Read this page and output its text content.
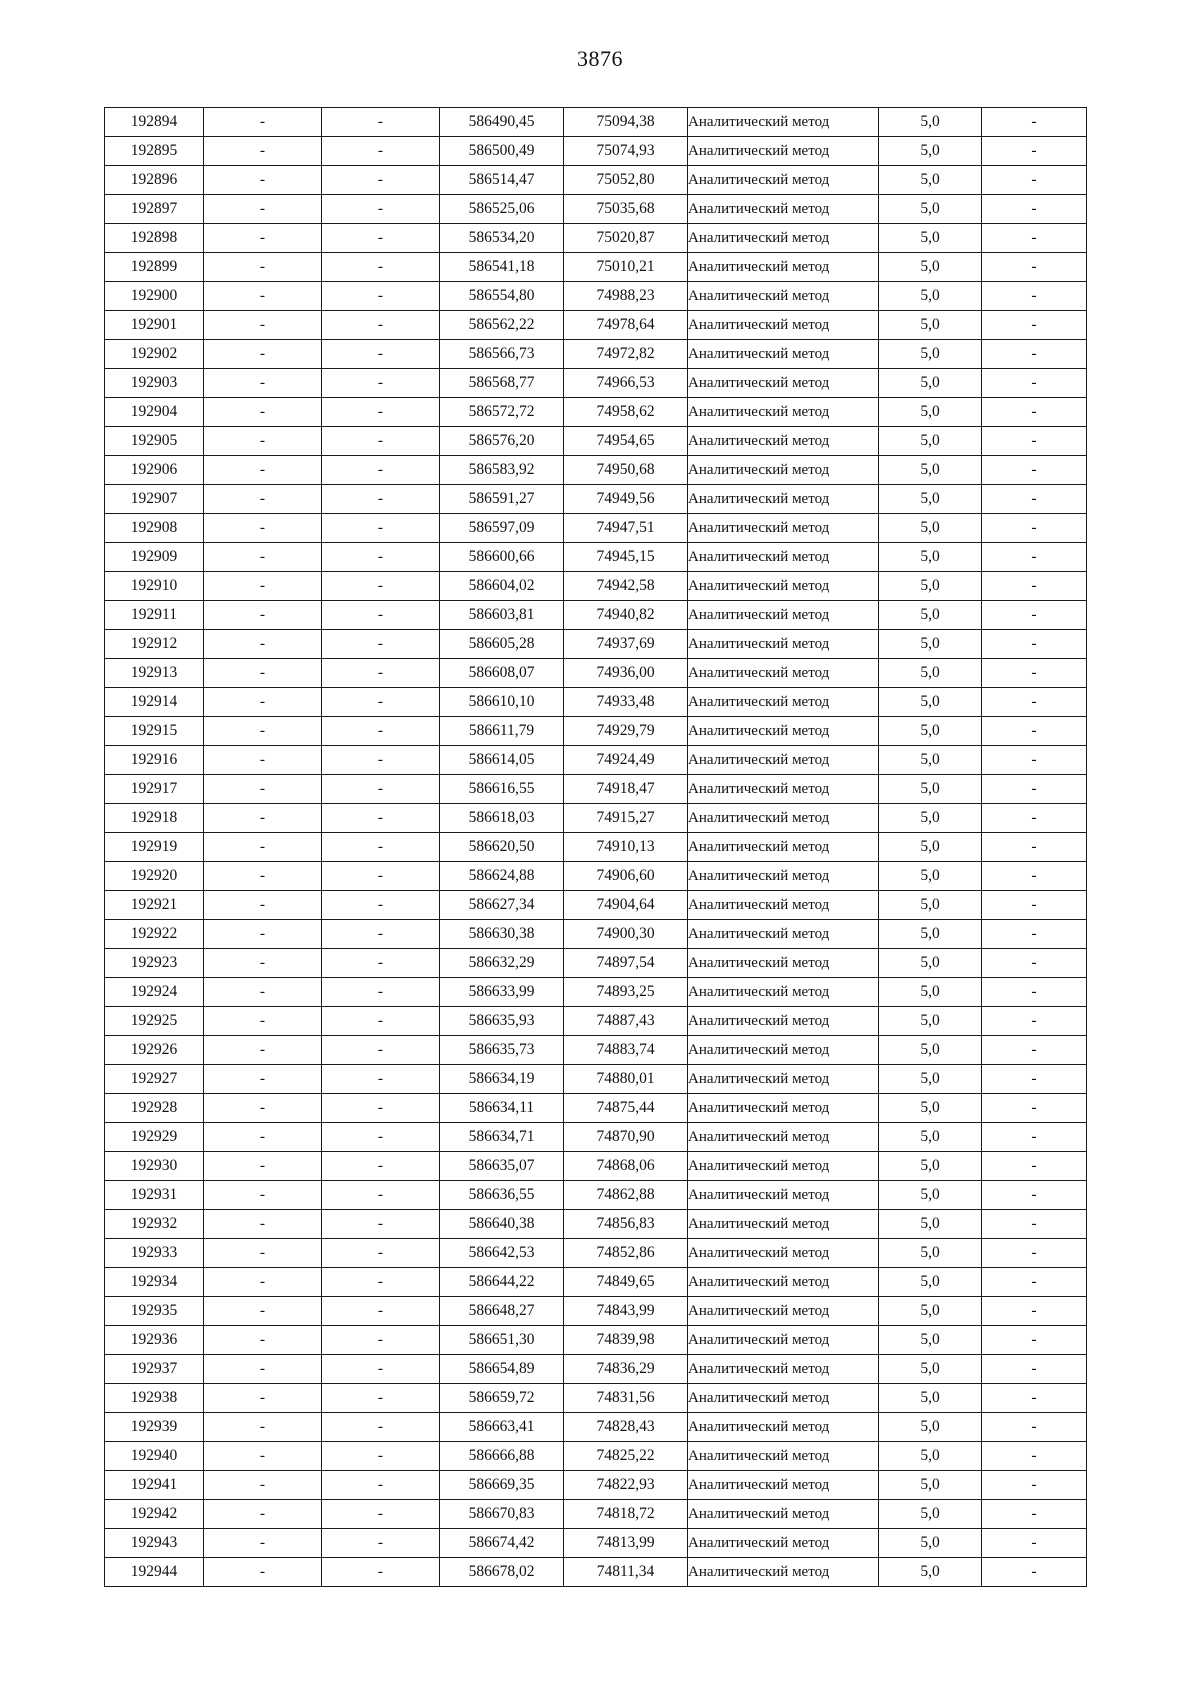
3876
192894	-	-	586490,45	75094,38	Аналитический метод	5,0	-
192895	-	-	586500,49	75074,93	Аналитический метод	5,0	-
192896	-	-	586514,47	75052,80	Аналитический метод	5,0	-
192897	-	-	586525,06	75035,68	Аналитический метод	5,0	-
192898	-	-	586534,20	75020,87	Аналитический метод	5,0	-
192899	-	-	586541,18	75010,21	Аналитический метод	5,0	-
192900	-	-	586554,80	74988,23	Аналитический метод	5,0	-
192901	-	-	586562,22	74978,64	Аналитический метод	5,0	-
192902	-	-	586566,73	74972,82	Аналитический метод	5,0	-
192903	-	-	586568,77	74966,53	Аналитический метод	5,0	-
192904	-	-	586572,72	74958,62	Аналитический метод	5,0	-
192905	-	-	586576,20	74954,65	Аналитический метод	5,0	-
192906	-	-	586583,92	74950,68	Аналитический метод	5,0	-
192907	-	-	586591,27	74949,56	Аналитический метод	5,0	-
192908	-	-	586597,09	74947,51	Аналитический метод	5,0	-
192909	-	-	586600,66	74945,15	Аналитический метод	5,0	-
192910	-	-	586604,02	74942,58	Аналитический метод	5,0	-
192911	-	-	586603,81	74940,82	Аналитический метод	5,0	-
192912	-	-	586605,28	74937,69	Аналитический метод	5,0	-
192913	-	-	586608,07	74936,00	Аналитический метод	5,0	-
192914	-	-	586610,10	74933,48	Аналитический метод	5,0	-
192915	-	-	586611,79	74929,79	Аналитический метод	5,0	-
192916	-	-	586614,05	74924,49	Аналитический метод	5,0	-
192917	-	-	586616,55	74918,47	Аналитический метод	5,0	-
192918	-	-	586618,03	74915,27	Аналитический метод	5,0	-
192919	-	-	586620,50	74910,13	Аналитический метод	5,0	-
192920	-	-	586624,88	74906,60	Аналитический метод	5,0	-
192921	-	-	586627,34	74904,64	Аналитический метод	5,0	-
192922	-	-	586630,38	74900,30	Аналитический метод	5,0	-
192923	-	-	586632,29	74897,54	Аналитический метод	5,0	-
192924	-	-	586633,99	74893,25	Аналитический метод	5,0	-
192925	-	-	586635,93	74887,43	Аналитический метод	5,0	-
192926	-	-	586635,73	74883,74	Аналитический метод	5,0	-
192927	-	-	586634,19	74880,01	Аналитический метод	5,0	-
192928	-	-	586634,11	74875,44	Аналитический метод	5,0	-
192929	-	-	586634,71	74870,90	Аналитический метод	5,0	-
192930	-	-	586635,07	74868,06	Аналитический метод	5,0	-
192931	-	-	586636,55	74862,88	Аналитический метод	5,0	-
192932	-	-	586640,38	74856,83	Аналитический метод	5,0	-
192933	-	-	586642,53	74852,86	Аналитический метод	5,0	-
192934	-	-	586644,22	74849,65	Аналитический метод	5,0	-
192935	-	-	586648,27	74843,99	Аналитический метод	5,0	-
192936	-	-	586651,30	74839,98	Аналитический метод	5,0	-
192937	-	-	586654,89	74836,29	Аналитический метод	5,0	-
192938	-	-	586659,72	74831,56	Аналитический метод	5,0	-
192939	-	-	586663,41	74828,43	Аналитический метод	5,0	-
192940	-	-	586666,88	74825,22	Аналитический метод	5,0	-
192941	-	-	586669,35	74822,93	Аналитический метод	5,0	-
192942	-	-	586670,83	74818,72	Аналитический метод	5,0	-
192943	-	-	586674,42	74813,99	Аналитический метод	5,0	-
192944	-	-	586678,02	74811,34	Аналитический метод	5,0	-
